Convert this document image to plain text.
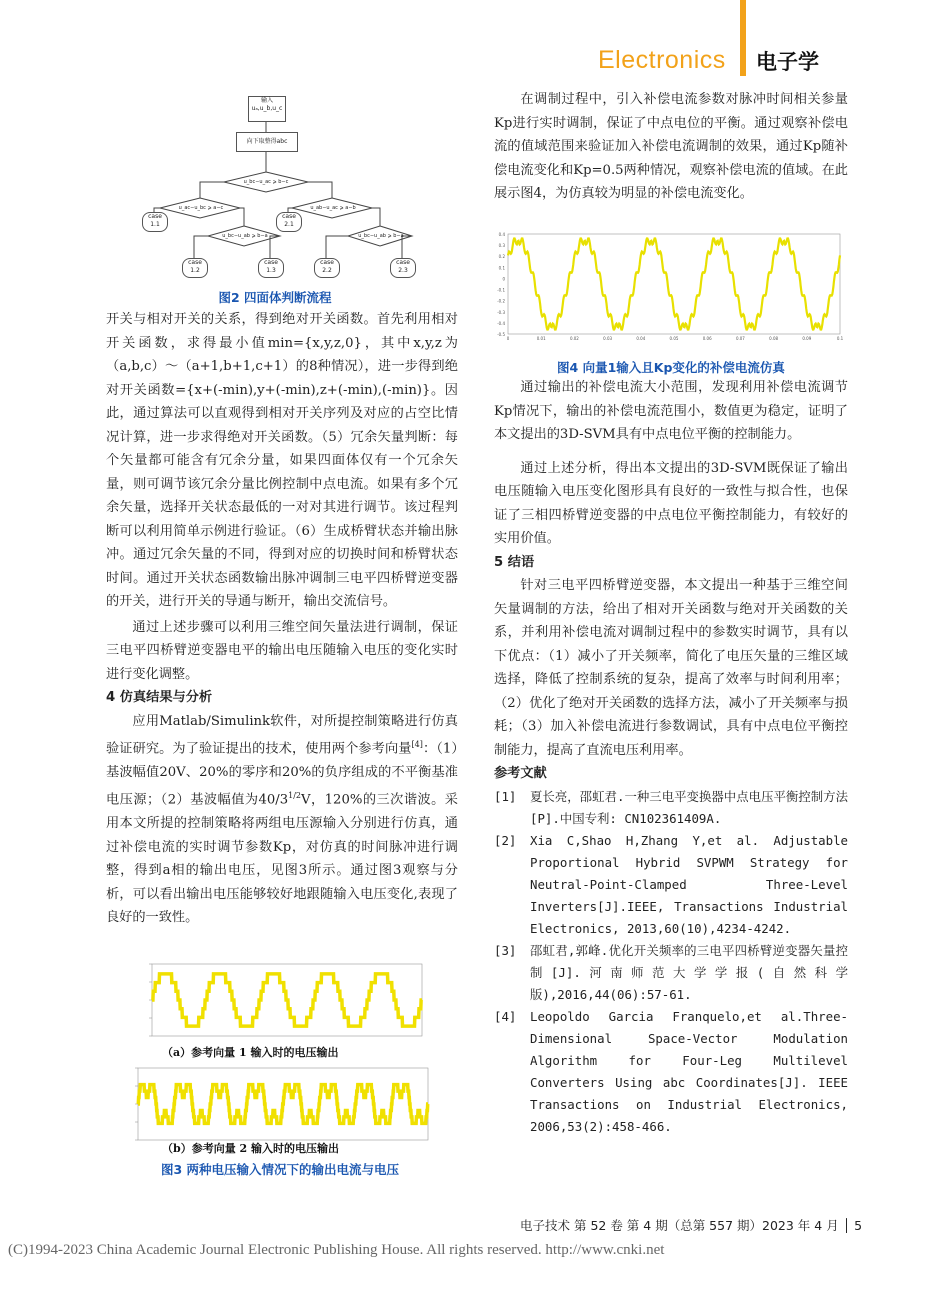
Electronics 电子学
输入
uₐ,u_b,u_c
向下取整得abc
u_bc−u_ac ⩾ b−c
u_ac−u_bc ⩾ a−c	u_ab−u_ac ⩾ a−b
u_bc−u_ab ⩾ b−a	u_bc−u_ab ⩾ b−a
case 1.1
case 2.1
case 1.2
case 1.3
case 2.2
case 2.3
图2 四面体判断流程

开关与相对开关的关系，得到绝对开关函数。首先利用相对开关函数，求得最小值min={x,y,z,0}，其中x,y,z为（a,b,c）～（a+1,b+1,c+1）的8种情况），进一步得到绝对开关函数={x+(-min),y+(-min),z+(-min),(-min)}。因此，通过算法可以直观得到相对开关序列及对应的占空比情况计算，进一步求得绝对开关函数。（5）冗余矢量判断：每个矢量都可能含有冗余分量，如果四面体仅有一个冗余矢量，则可调节该冗余分量比例控制中点电流。如果有多个冗余矢量，选择开关状态最低的一对对其进行调节。该过程判断可以利用简单示例进行验证。（6）生成桥臂状态并输出脉冲。通过冗余矢量的不同，得到对应的切换时间和桥臂状态时间。通过开关状态函数输出脉冲调制三电平四桥臂逆变器的开关，进行开关的导通与断开，输出交流信号。

通过上述步骤可以利用三维空间矢量法进行调制，保证三电平四桥臂逆变器电平的输出电压随输入电压的变化实时进行变化调整。

4 仿真结果与分析

应用Matlab/Simulink软件，对所提控制策略进行仿真验证研究。为了验证提出的技术，使用两个参考向量[4]：（1）基波幅值20V、20%的零序和20%的负序组成的不平衡基准电压源；（2）基波幅值为$40/3^{1/2}V$，120%的三次谐波。采用本文所提的控制策略将两组电压源输入分别进行仿真，通过补偿电流的实时调节参数Kp，对仿真的时间脉冲进行调整，得到a相的输出电压，见图3所示。通过图3观察与分析，可以看出输出电压能够较好地跟随输入电压变化,表现了良好的一致性。

（a）参考向量 1 输入时的电压输出
（b）参考向量 2 输入时的电压输出
图3 两种电压输入情况下的输出电流与电压

在调制过程中，引入补偿电流参数对脉冲时间相关参量Kp进行实时调制，保证了中点电位的平衡。通过观察补偿电流的值域范围来验证加入补偿电流调制的效果，通过Kp随补偿电流变化和Kp=0.5两种情况，观察补偿电流的值域。在此展示图4，为仿真较为明显的补偿电流变化。

0.4
0.3
0.2
0.1
0
-0.1
-0.2
-0.3
-0.4
-0.5
0	0.01	0.02	0.03	0.04	0.05	0.06	0.07	0.08	0.09	0.1
图4 向量1输入且Kp变化的补偿电流仿真

通过输出的补偿电流大小范围，发现利用补偿电流调节Kp情况下，输出的补偿电流范围小，数值更为稳定，证明了本文提出的3D-SVM具有中点电位平衡的控制能力。

通过上述分析，得出本文提出的3D-SVM既保证了输出电压随输入电压变化图形具有良好的一致性与拟合性，也保证了三相四桥臂逆变器的中点电位平衡控制能力，有较好的实用价值。

5 结语

针对三电平四桥臂逆变器，本文提出一种基于三维空间矢量调制的方法，给出了相对开关函数与绝对开关函数的关系，并利用补偿电流对调制过程中的参数实时调节，具有以下优点：（1）减小了开关频率，简化了电压矢量的三维区域选择，降低了控制系统的复杂，提高了效率与时间利用率；（2）优化了绝对开关函数的选择方法，减小了开关频率与损耗；（3）加入补偿电流进行参数调试，具有中点电位平衡控制能力，提高了直流电压利用率。

参考文献
[1]	夏长亮，邵虹君.一种三电平变换器中点电压平衡控制方法[P].中国专利: CN102361409A.
[2]	Xia C,Shao H,Zhang Y,et al. Adjustable Proportional Hybrid SVPWM Strategy for Neutral-Point-Clamped Three-Level Inverters[J].IEEE, Transactions Industrial Electronics, 2013,60(10),4234-4242.
[3]	邵虹君,郭峰.优化开关频率的三电平四桥臂逆变器矢量控制[J].河南师范大学学报(自然科学版),2016,44(06):57-61.
[4]	Leopoldo Garcia Franquelo,et al.Three-Dimensional Space-Vector Modulation Algorithm for Four-Leg Multilevel Converters Using abc Coordinates[J]. IEEE Transactions on Industrial Electronics, 2006,53(2):458-466.
电子技术 第 52 卷 第 4 期（总第 557 期）2023 年 4 月 │ 5
(C)1994-2023 China Academic Journal Electronic Publishing House. All rights reserved. http://www.cnki.net
